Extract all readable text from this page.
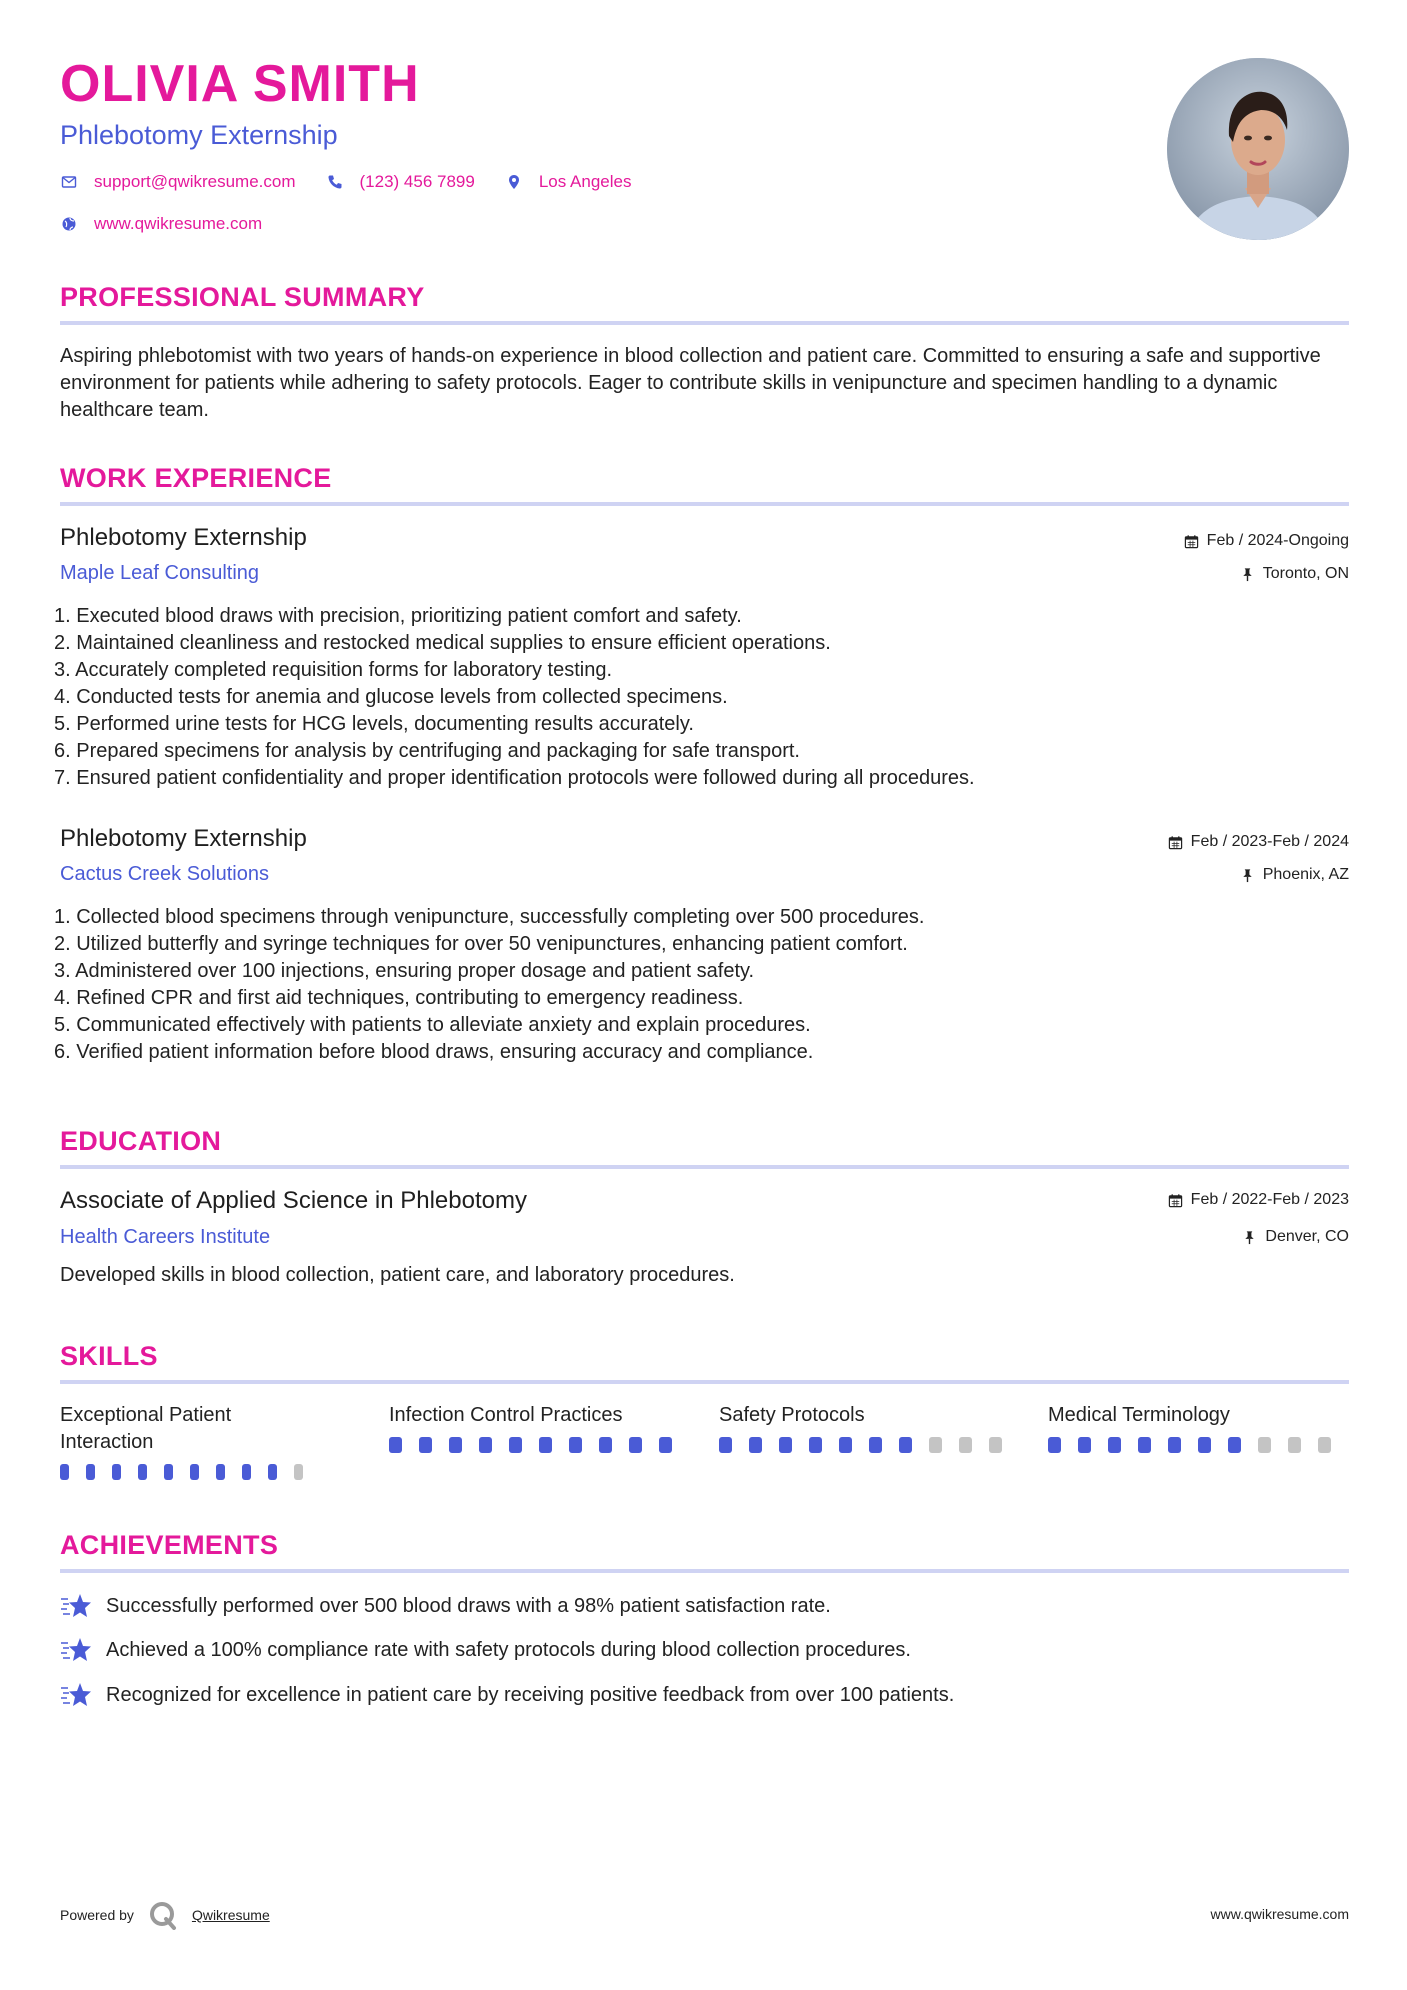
OLIVIA SMITH
Phlebotomy Externship
support@qwikresume.com	(123) 456 7899	Los Angeles
www.qwikresume.com
PROFESSIONAL SUMMARY
Aspiring phlebotomist with two years of hands-on experience in blood collection and patient care. Committed to ensuring a safe and supportive environment for patients while adhering to safety protocols. Eager to contribute skills in venipuncture and specimen handling to a dynamic healthcare team.
WORK EXPERIENCE
Phlebotomy Externship
Maple Leaf Consulting
Feb / 2024-Ongoing
Toronto, ON
1. Executed blood draws with precision, prioritizing patient comfort and safety.
2. Maintained cleanliness and restocked medical supplies to ensure efficient operations.
3. Accurately completed requisition forms for laboratory testing.
4. Conducted tests for anemia and glucose levels from collected specimens.
5. Performed urine tests for HCG levels, documenting results accurately.
6. Prepared specimens for analysis by centrifuging and packaging for safe transport.
7. Ensured patient confidentiality and proper identification protocols were followed during all procedures.
Phlebotomy Externship
Cactus Creek Solutions
Feb / 2023-Feb / 2024
Phoenix, AZ
1. Collected blood specimens through venipuncture, successfully completing over 500 procedures.
2. Utilized butterfly and syringe techniques for over 50 venipunctures, enhancing patient comfort.
3. Administered over 100 injections, ensuring proper dosage and patient safety.
4. Refined CPR and first aid techniques, contributing to emergency readiness.
5. Communicated effectively with patients to alleviate anxiety and explain procedures.
6. Verified patient information before blood draws, ensuring accuracy and compliance.
EDUCATION
Associate of Applied Science in Phlebotomy
Health Careers Institute
Feb / 2022-Feb / 2023
Denver, CO
Developed skills in blood collection, patient care, and laboratory procedures.
SKILLS
Exceptional Patient Interaction
Infection Control Practices	Safety Protocols	Medical Terminology
ACHIEVEMENTS
Successfully performed over 500 blood draws with a 98% patient satisfaction rate.
Achieved a 100% compliance rate with safety protocols during blood collection procedures.
Recognized for excellence in patient care by receiving positive feedback from over 100 patients.
Powered by	Qwikresume	www.qwikresume.com
